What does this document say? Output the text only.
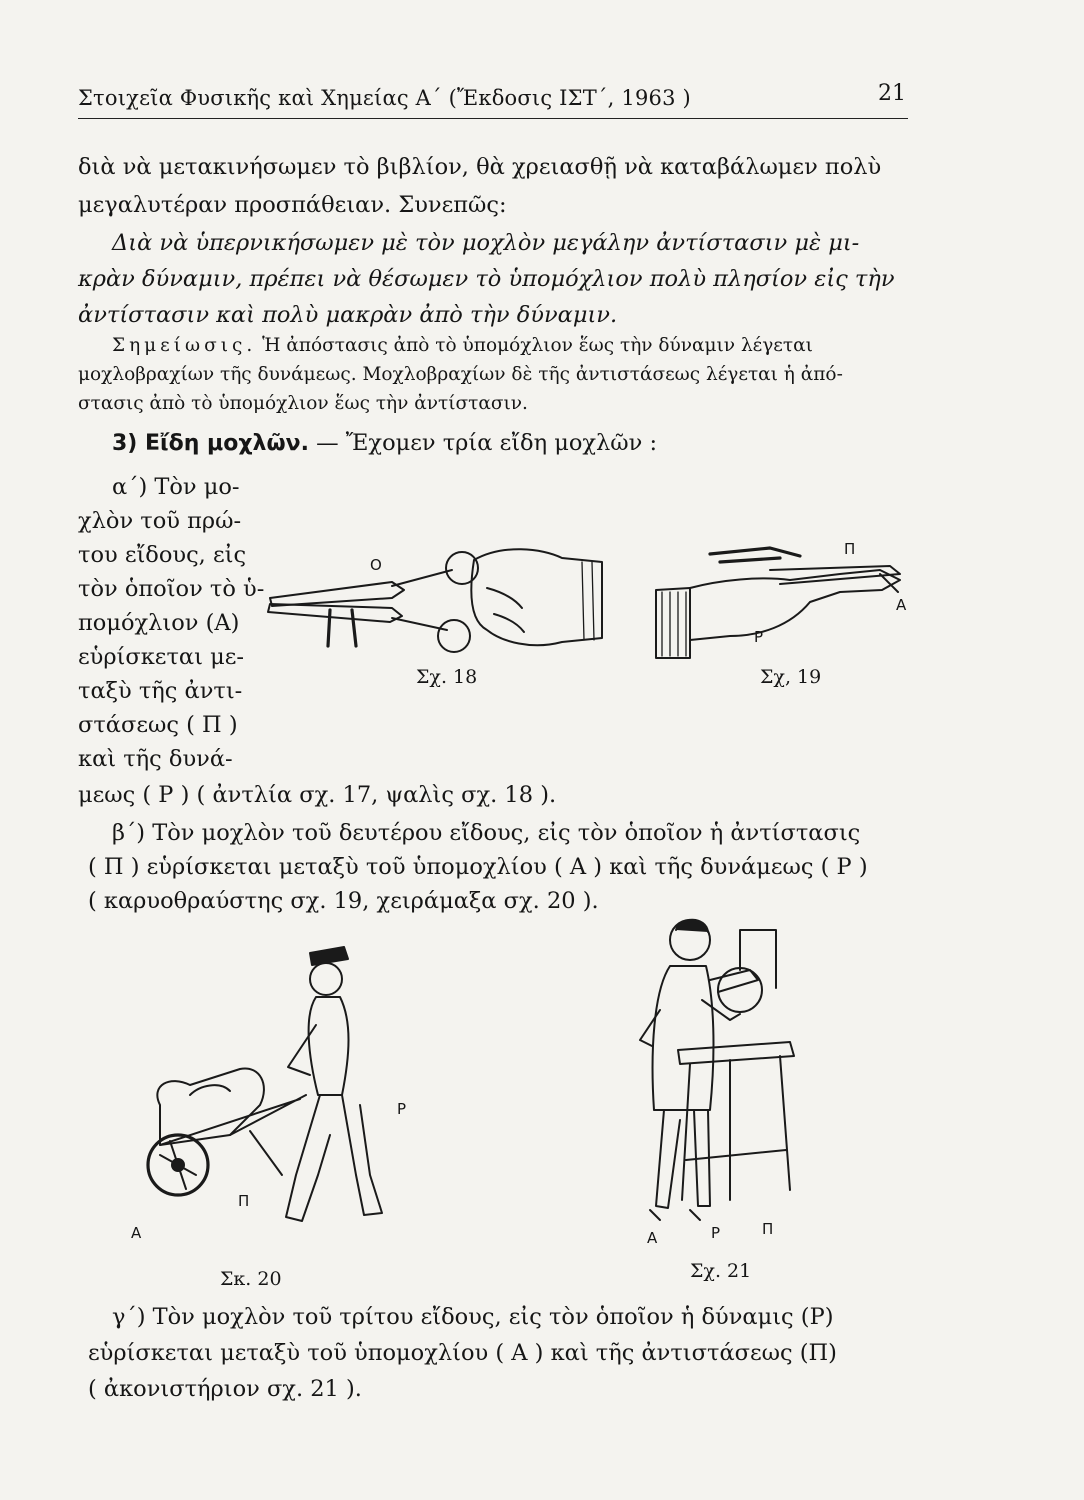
Στοιχεῖα Φυσικῆς καὶ Χημείας Α΄ (Ἔκδοσις ΙΣΤ΄, 1963 )	21
διὰ νὰ μετακινήσωμεν τὸ βιβλίον, θὰ χρειασθῇ νὰ καταβάλωμεν πολὺ
μεγαλυτέραν προσπάθειαν. Συνεπῶς:
Διὰ νὰ ὑπερνικήσωμεν μὲ τὸν μοχλὸν μεγάλην ἀντίστασιν μὲ μι-
κρὰν δύναμιν, πρέπει νὰ θέσωμεν τὸ ὑπομόχλιον πολὺ πλησίον εἰς τὴν
ἀντίστασιν καὶ πολὺ μακρὰν ἀπὸ τὴν δύναμιν.
Σημείωσις. Ἡ ἀπόστασις ἀπὸ τὸ ὑπομόχλιον ἕως τὴν δύναμιν λέγεται
μοχλοβραχίων τῆς δυνάμεως. Μοχλοβραχίων δὲ τῆς ἀντιστάσεως λέγεται ἡ ἀπό-
στασις ἀπὸ τὸ ὑπομόχλιον ἕως τὴν ἀντίστασιν.
3) Εἴδη μοχλῶν. — Ἔχομεν τρία εἴδη μοχλῶν :
α΄) Τὸν μο-
χλὸν τοῦ πρώ-
του εἴδους, εἰς
τὸν ὁποῖον τὸ ὑ-
πομόχλιον (Α)
εὑρίσκεται με-
ταξὺ τῆς ἀντι-
στάσεως ( Π )
καὶ τῆς δυνά-
μεως ( Ρ ) ( ἀντλία σχ. 17, ψαλὶς σχ. 18 ).
O
Σχ. 18
Π
Α
Ρ
Σχ, 19
β΄) Τὸν μοχλὸν τοῦ δευτέρου εἴδους, εἰς τὸν ὁποῖον ἡ ἀντίστασις
( Π ) εὑρίσκεται μεταξὺ τοῦ ὑπομοχλίου ( Α ) καὶ τῆς δυνάμεως ( Ρ )
( καρυοθραύστης σχ. 19, χειράμαξα σχ. 20 ).
Ρ
Π
Α
Σκ. 20
Α	Ρ	Π
Σχ. 21
γ΄) Τὸν μοχλὸν τοῦ τρίτου εἴδους, εἰς τὸν ὁποῖον ἡ δύναμις (Ρ)
εὑρίσκεται μεταξὺ τοῦ ὑπομοχλίου ( Α ) καὶ τῆς ἀντιστάσεως (Π)
( ἀκονιστήριον σχ. 21 ).
